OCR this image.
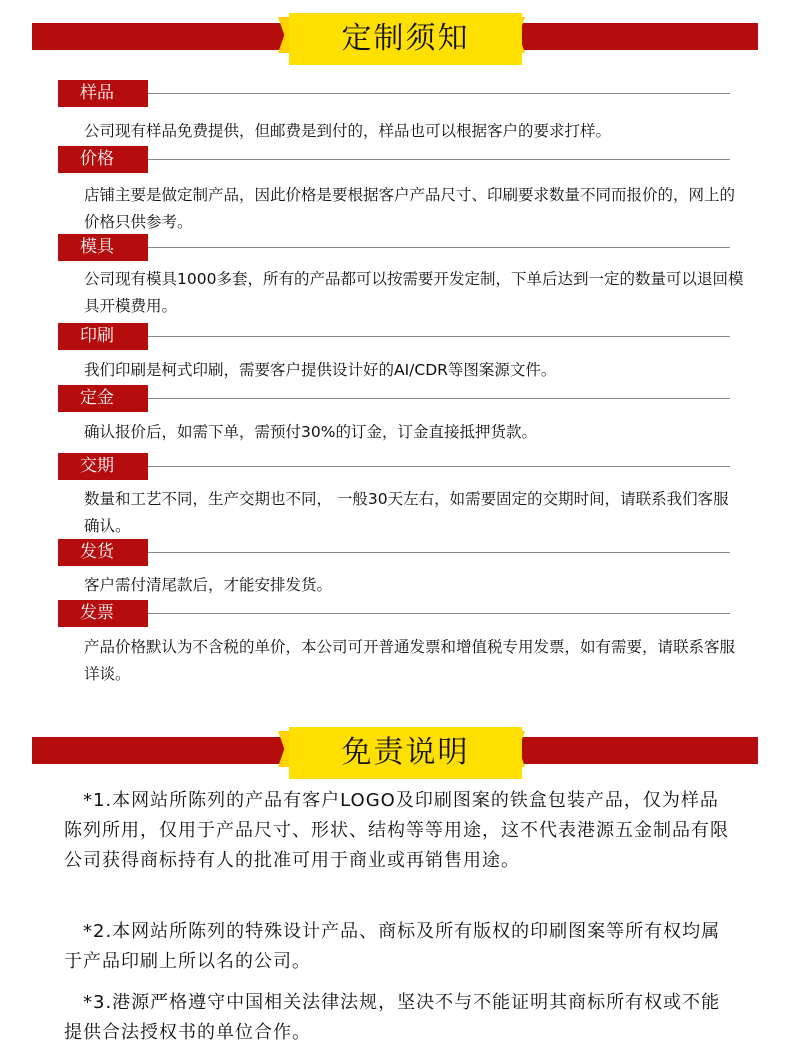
定制须知
样品
公司现有样品免费提供，但邮费是到付的，样品也可以根据客户的要求打样。
价格
店铺主要是做定制产品，因此价格是要根据客户产品尺寸、印刷要求数量不同而报价的，网上的价格只供参考。
模具
公司现有模具1000多套，所有的产品都可以按需要开发定制，下单后达到一定的数量可以退回模具开模费用。
印刷
我们印刷是柯式印刷，需要客户提供设计好的AI/CDR等图案源文件。
定金
确认报价后，如需下单，需预付30%的订金，订金直接抵押货款。
交期
数量和工艺不同，生产交期也不同， 一般30天左右，如需要固定的交期时间，请联系我们客服确认。
发货
客户需付清尾款后，才能安排发货。
发票
产品价格默认为不含税的单价，本公司可开普通发票和增值税专用发票，如有需要，请联系客服详谈。
免责说明
　*1.本网站所陈列的产品有客户LOGO及印刷图案的铁盒包装产品，仅为样品陈列所用，仅用于产品尺寸、形状、结构等等用途，这不代表港源五金制品有限公司获得商标持有人的批准可用于商业或再销售用途。
　*2.本网站所陈列的特殊设计产品、商标及所有版权的印刷图案等所有权均属于产品印刷上所以名的公司。
　*3.港源严格遵守中国相关法律法规，坚决不与不能证明其商标所有权或不能提供合法授权书的单位合作。
